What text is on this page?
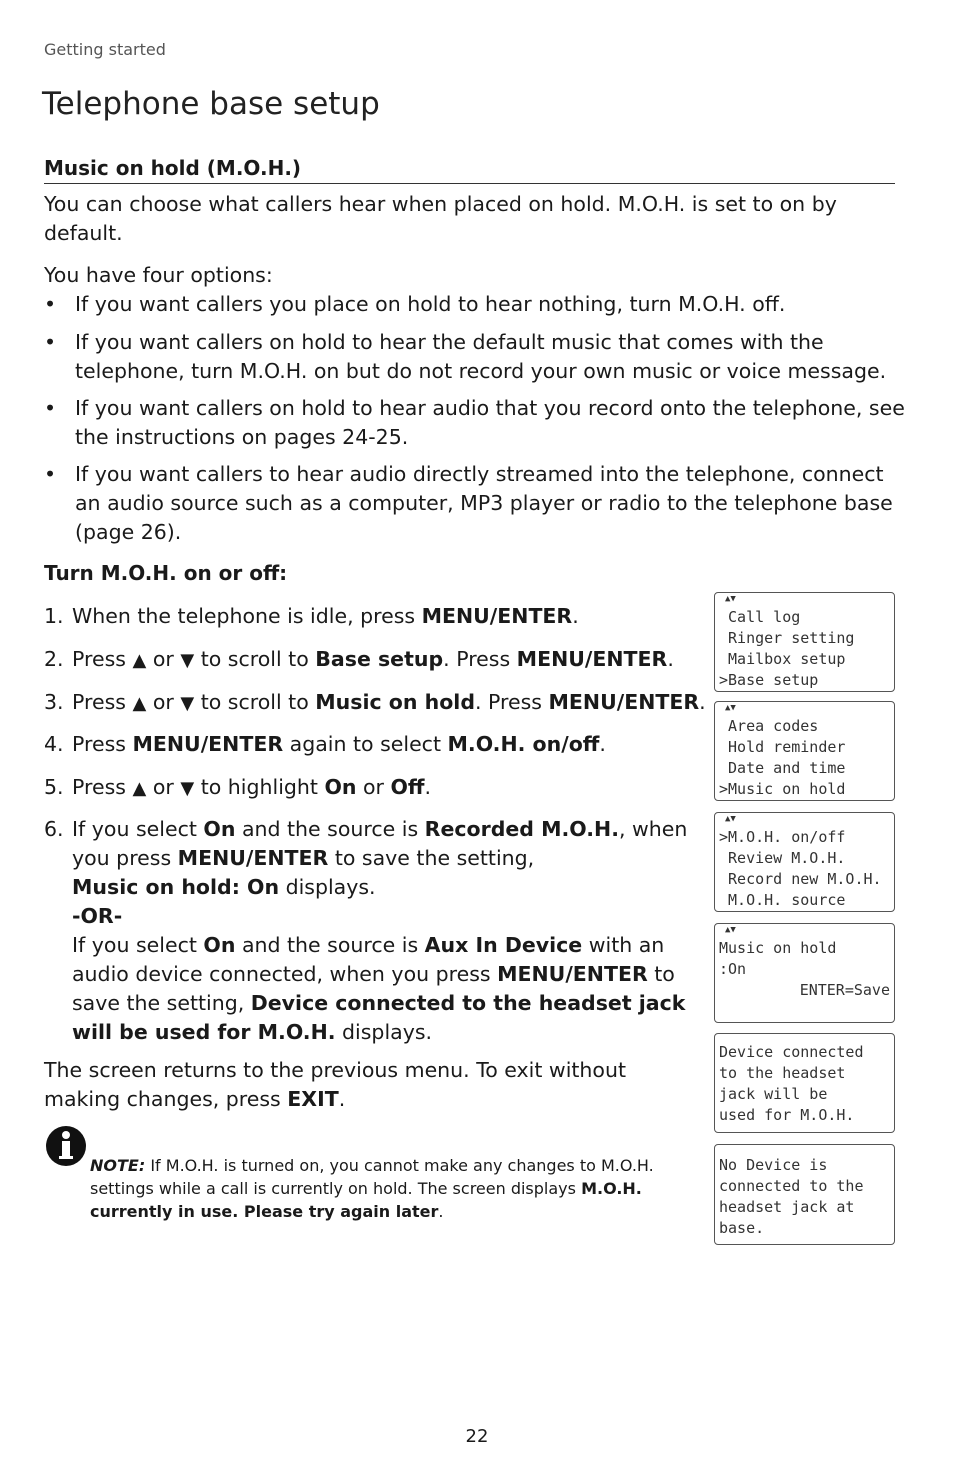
Getting started
Telephone base setup
Music on hold (M.O.H.)
You can choose what callers hear when placed on hold. M.O.H. is set to on by default.
You have four options:
• If you want callers you place on hold to hear nothing, turn M.O.H. off.
• If you want callers on hold to hear the default music that comes with the telephone, turn M.O.H. on but do not record your own music or voice message.
• If you want callers on hold to hear audio that you record onto the telephone, see the instructions on pages 24-25.
• If you want callers to hear audio directly streamed into the telephone, connect an audio source such as a computer, MP3 player or radio to the telephone base (page 26).
Turn M.O.H. on or off:
1. When the telephone is idle, press MENU/ENTER.
2. Press ▲ or ▼ to scroll to Base setup. Press MENU/ENTER.
3. Press ▲ or ▼ to scroll to Music on hold. Press MENU/ENTER.
4. Press MENU/ENTER again to select M.O.H. on/off.
5. Press ▲ or ▼ to highlight On or Off.
6. If you select On and the source is Recorded M.O.H., when you press MENU/ENTER to save the setting,
Music on hold: On displays.
-OR-
If you select On and the source is Aux In Device with an audio device connected, when you press MENU/ENTER to save the setting, Device connected to the headset jack will be used for M.O.H. displays.
The screen returns to the previous menu. To exit without making changes, press EXIT.
NOTE: If M.O.H. is turned on, you cannot make any changes to M.O.H. settings while a call is currently on hold. The screen displays M.O.H. currently in use. Please try again later.
▲▼
Call log
Ringer setting
Mailbox setup
>Base setup
▲▼
Area codes
Hold reminder
Date and time
>Music on hold
▲▼
>M.O.H. on/off
Review M.O.H.
Record new M.O.H.
M.O.H. source
▲▼
Music on hold
:On
ENTER=Save
Device connected
to the headset
jack will be
used for M.O.H.
No Device is
connected to the
headset jack at
base.
22
